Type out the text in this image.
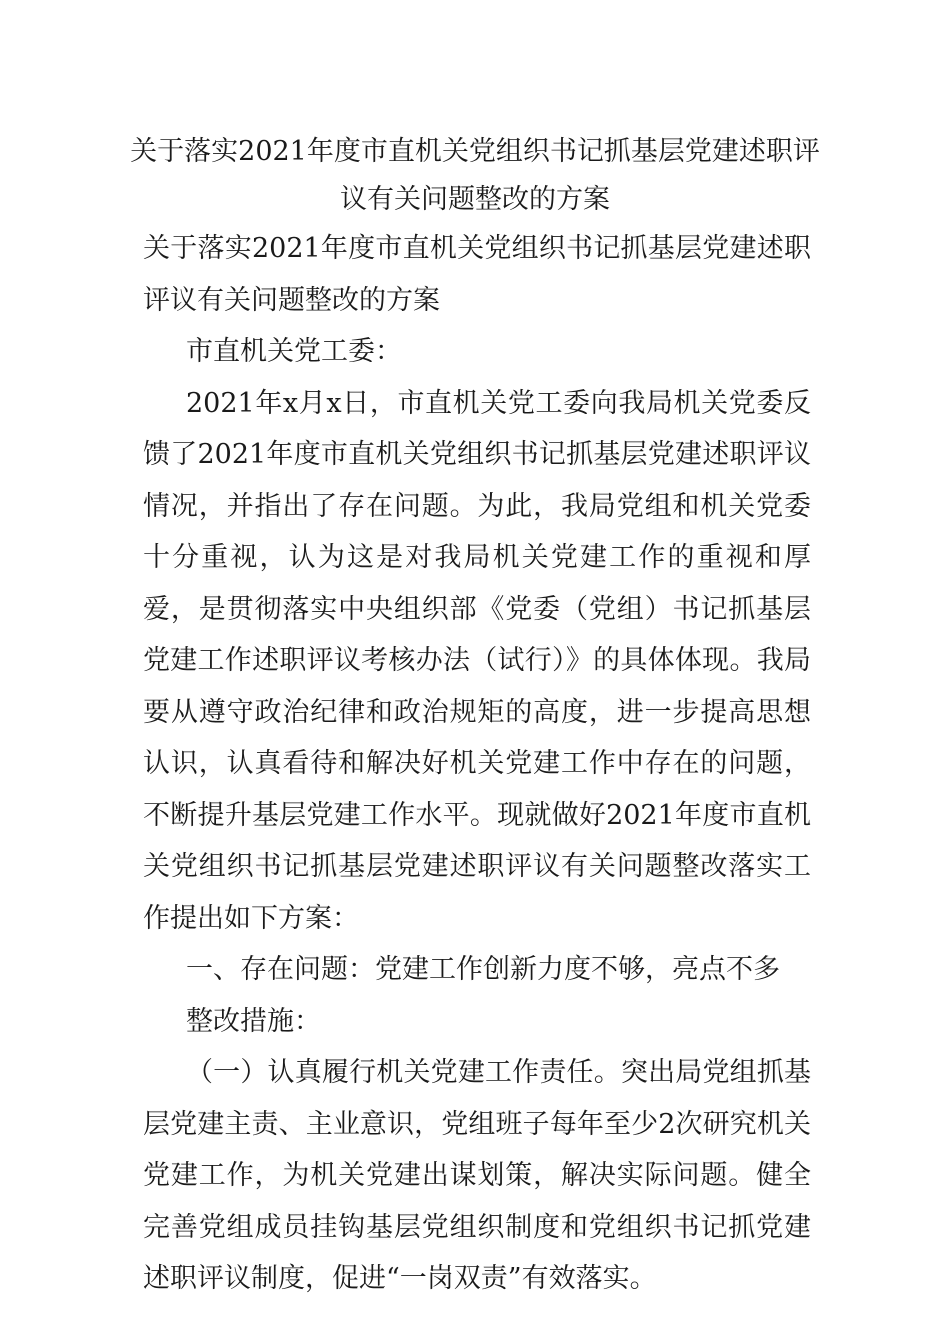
关于落实2021年度市直机关党组织书记抓基层党建述职评议有关问题整改的方案

关于落实2021年度市直机关党组织书记抓基层党建述职评议有关问题整改的方案

市直机关党工委：

2021年x月x日，市直机关党工委向我局机关党委反馈了2021年度市直机关党组织书记抓基层党建述职评议情况，并指出了存在问题。为此，我局党组和机关党委十分重视，认为这是对我局机关党建工作的重视和厚爱，是贯彻落实中央组织部《党委（党组）书记抓基层党建工作述职评议考核办法（试行）》的具体体现。我局要从遵守政治纪律和政治规矩的高度，进一步提高思想认识，认真看待和解决好机关党建工作中存在的问题，不断提升基层党建工作水平。现就做好2021年度市直机关党组织书记抓基层党建述职评议有关问题整改落实工作提出如下方案：

一、存在问题：党建工作创新力度不够，亮点不多

整改措施：

（一）认真履行机关党建工作责任。突出局党组抓基层党建主责、主业意识，党组班子每年至少2次研究机关党建工作，为机关党建出谋划策，解决实际问题。健全完善党组成员挂钩基层党组织制度和党组织书记抓党建述职评议制度，促进“一岗双责”有效落实。
